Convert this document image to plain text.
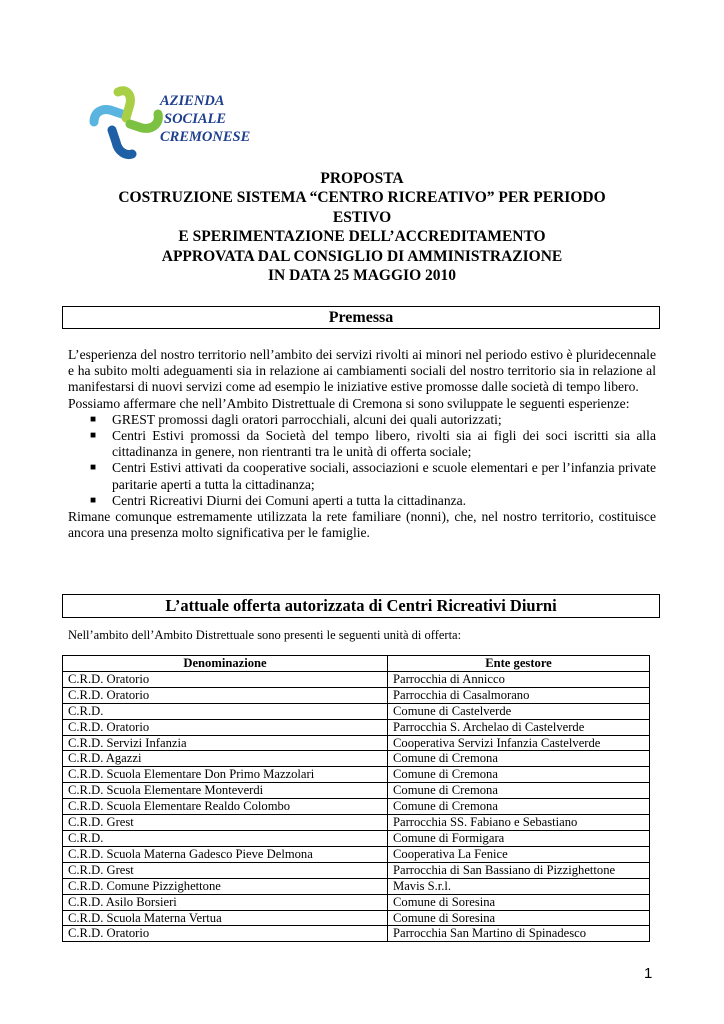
AZIENDA
SOCIALE
CREMONESE
PROPOSTA
COSTRUZIONE SISTEMA “CENTRO RICREATIVO” PER PERIODO
ESTIVO
E SPERIMENTAZIONE DELL’ACCREDITAMENTO
APPROVATA DAL CONSIGLIO DI AMMINISTRAZIONE
IN DATA 25 MAGGIO 2010
Premessa

L’esperienza del nostro territorio nell’ambito dei servizi rivolti ai minori nel periodo estivo è pluridecennale e ha subito molti adeguamenti sia in relazione ai cambiamenti sociali del nostro territorio sia in relazione al manifestarsi di nuovi servizi come ad esempio le iniziative estive promosse dalle società di tempo libero.

Possiamo affermare che nell’Ambito Distrettuale di Cremona si sono sviluppate le seguenti esperienze:

■ GREST promossi dagli oratori parrocchiali, alcuni dei quali autorizzati;
■ Centri Estivi promossi da Società del tempo libero, rivolti sia ai figli dei soci iscritti sia alla cittadinanza in genere, non rientranti tra le unità di offerta sociale;
■ Centri Estivi attivati da cooperative sociali, associazioni e scuole elementari e per l’infanzia private paritarie aperti a tutta la cittadinanza;
■ Centri Ricreativi Diurni dei Comuni aperti a tutta la cittadinanza.

Rimane comunque estremamente utilizzata la rete familiare (nonni), che, nel nostro territorio, costituisce ancora una presenza molto significativa per le famiglie.

L’attuale offerta autorizzata di Centri Ricreativi Diurni
Nell’ambito dell’Ambito Distrettuale sono presenti le seguenti unità di offerta:
Denominazione	Ente gestore
C.R.D. Oratorio	Parrocchia di Annicco
C.R.D. Oratorio	Parrocchia di Casalmorano
C.R.D.	Comune di Castelverde
C.R.D. Oratorio	Parrocchia S. Archelao di Castelverde
C.R.D. Servizi Infanzia	Cooperativa Servizi Infanzia Castelverde
C.R.D. Agazzi	Comune di Cremona
C.R.D. Scuola Elementare Don Primo Mazzolari	Comune di Cremona
C.R.D. Scuola Elementare Monteverdi	Comune di Cremona
C.R.D. Scuola Elementare Realdo Colombo	Comune di Cremona
C.R.D. Grest	Parrocchia SS. Fabiano e Sebastiano
C.R.D.	Comune di Formigara
C.R.D. Scuola Materna Gadesco Pieve Delmona	Cooperativa La Fenice
C.R.D. Grest	Parrocchia di San Bassiano di Pizzighettone
C.R.D. Comune Pizzighettone	Mavis S.r.l.
C.R.D. Asilo Borsieri	Comune di Soresina
C.R.D. Scuola Materna Vertua	Comune di Soresina
C.R.D. Oratorio	Parrocchia San Martino di Spinadesco
1
